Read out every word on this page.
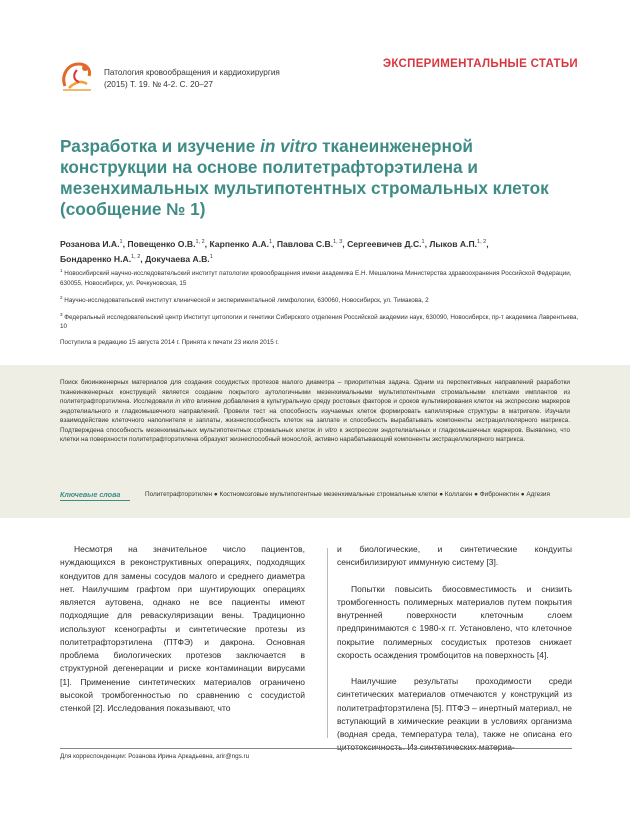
Патология кровообращения и кардиохирургия
(2015) Т. 19. № 4-2. С. 20–27
ЭКСПЕРИМЕНТАЛЬНЫЕ СТАТЬИ
Разработка и изучение in vitro тканеинженерной конструкции на основе политетрафторэтилена и мезенхимальных мультипотентных стромальных клеток (сообщение № 1)
Розанова И.А.$^1$, Повещенко О.В.$^{1, 2}$, Карпенко А.А.$^1$, Павлова С.В.$^{1, 3}$, Сергеевичев Д.С.$^1$, Лыков А.П.$^{1, 2}$,
Бондаренко Н.А.$^{1, 2}$, Докучаева А.В.$^1$

$^1$ Новосибирский научно-исследовательский институт патологии кровообращения имени академика Е.Н. Мешалкина Министерства здравоохранения Российской Федерации, 630055, Новосибирск, ул. Речкуновская, 15

$^2$ Научно-исследовательский институт клинической и экспериментальной лимфологии, 630060, Новосибирск, ул. Тимакова, 2

$^3$ Федеральный исследовательский центр Институт цитологии и генетики Сибирского отделения Российской академии наук, 630090, Новосибирск, пр-т академика Лаврентьева, 10

Поступила в редакцию 15 августа 2014 г. Принята к печати 23 июля 2015 г.
Поиск биоинженерных материалов для создания сосудистых протезов малого диаметра – приоритетная задача. Одним из перспективных направлений разработки тканеинженерных конструкций является создание покрытого аутологичными мезенхимальными мультипотентными стромальными клетками имплантов из политетрафторэтилена. Исследовали in vitro влияние добавления в культуральную среду ростовых факторов и сроков культивирования клеток на экспрессию маркеров эндотелиального и гладкомышечного направлений. Провели тест на способность изучаемых клеток формировать капиллярные структуры в матригеле. Изучали взаимодействие клеточного наполнителя и заплаты, жизнеспособность клеток на заплате и способность вырабатывать компоненты экстрацеллюлярного матрикса. Подтверждена способность мезенхимальных мультипотентных стромальных клеток in vitro к экспрессии эндотелиальных и гладкомышечных маркеров. Выявлено, что клетки на поверхности политетрафторэтилена образуют жизнеспособный монослой, активно нарабатывающий компоненты экстрацеллюлярного матрикса.
Ключевые слова	Политетрафторэтилен ● Костномозговые мультипотентные мезенхимальные стромальные клетки ● Коллаген ● Фибронектин ● Адгезия

Несмотря на значительное число пациентов, нуждающихся в реконструктивных операциях, подходящих кондуитов для замены сосудов малого и среднего диаметра нет. Наилучшим графтом при шунтирующих операциях является аутовена, однако не все пациенты имеют подходящие для реваскуляризации вены. Традиционно используют ксенографты и синтетические протезы из политетрафторэтилена (ПТФЭ) и дакрона. Основная проблема биологических протезов заключается в структурной дегенерации и риске контаминации вирусами [1]. Применение синтетических материалов ограничено высокой тромбогенностью по сравнению с сосудистой стенкой [2]. Исследования показывают, что

и биологические, и синтетические кондуиты сенсибилизируют иммунную систему [3].

Попытки повысить биосовместимость и снизить тромбогенность полимерных материалов путем покрытия внутренней поверхности клеточным слоем предпринимаются с 1980-х гг. Установлено, что клеточное покрытие полимерных сосудистых протезов снижает скорость осаждения тромбоцитов на поверхность [4].

Наилучшие результаты проходимости среди синтетических материалов отмечаются у конструкций из политетрафторэтилена [5]. ПТФЭ – инертный материал, не вступающий в химические реакции в условиях организма (водная среда, температура тела), также не описана его

Для корреспонденции: Розанова Ирина Аркадьевна, arir@ngs.ru
